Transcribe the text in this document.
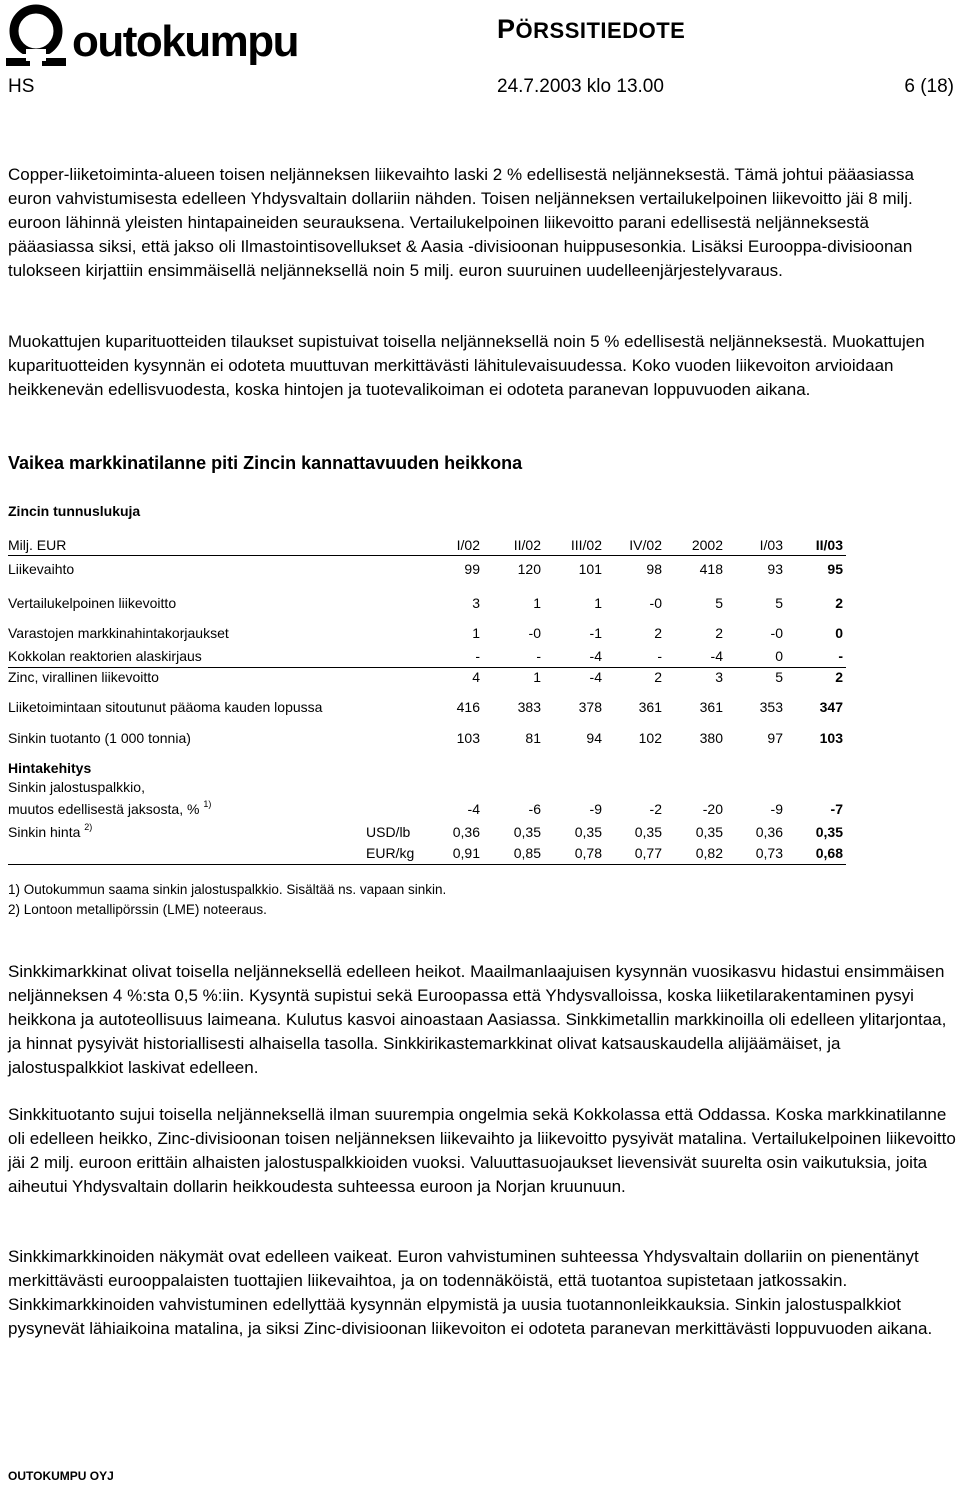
outokumpu	PÖRSSITIEDOTE
HS	24.7.2003 klo 13.00	6 (18)
Copper-liiketoiminta-alueen toisen neljänneksen liikevaihto laski 2 % edellisestä neljänneksestä. Tämä johtui pääasiassa euron vahvistumisesta edelleen Yhdysvaltain dollariin nähden. Toisen neljänneksen vertailukelpoinen liikevoitto jäi 8 milj. euroon lähinnä yleisten hintapaineiden seurauksena. Vertailukelpoinen liikevoitto parani edellisestä neljänneksestä pääasiassa siksi, että jakso oli Ilmastointisovellukset & Aasia -divisioonan huippusesonkia. Lisäksi Eurooppa-divisioonan tulokseen kirjattiin ensimmäisellä neljänneksellä noin 5 milj. euron suuruinen uudelleenjärjestelyvaraus.
Muokattujen kuparituotteiden tilaukset supistuivat toisella neljänneksellä noin 5 % edellisestä neljänneksestä. Muokattujen kuparituotteiden kysynnän ei odoteta muuttuvan merkittävästi lähitulevaisuudessa. Koko vuoden liikevoiton arvioidaan heikkenevän edellisvuodesta, koska hintojen ja tuotevalikoiman ei odoteta paranevan loppuvuoden aikana.
Vaikea markkinatilanne piti Zincin kannattavuuden heikkona
Zincin tunnuslukuja
Milj. EUR	I/02	II/02	III/02	IV/02	2002	I/03	II/03
Liikevaihto	99	120	101	98	418	93	95
Vertailukelpoinen liikevoitto	3	1	1	-0	5	5	2
Varastojen markkinahintakorjaukset	1	-0	-1	2	2	-0	0
Kokkolan reaktorien alaskirjaus	-	-	-4	-	-4	0	-
Zinc, virallinen liikevoitto	4	1	-4	2	3	5	2
Liiketoimintaan sitoutunut pääoma kauden lopussa	416	383	378	361	361	353	347
Sinkin tuotanto (1 000 tonnia)	103	81	94	102	380	97	103
Hintakehitys
Sinkin jalostuspalkkio,
muutos edellisestä jaksosta, % $^{1)}$	-4	-6	-9	-2	-20	-9	-7
Sinkin hinta $^{2)}$	USD/lb	0,36	0,35	0,35	0,35	0,35	0,36	0,35
EUR/kg	0,91	0,85	0,78	0,77	0,82	0,73	0,68
1) Outokummun saama sinkin jalostuspalkkio. Sisältää ns. vapaan sinkin.
2) Lontoon metallipörssin (LME) noteeraus.
Sinkkimarkkinat olivat toisella neljänneksellä edelleen heikot. Maailmanlaajuisen kysynnän vuosikasvu hidastui ensimmäisen neljänneksen 4 %:sta 0,5 %:iin. Kysyntä supistui sekä Euroopassa että Yhdysvalloissa, koska liiketilarakentaminen pysyi heikkona ja autoteollisuus laimeana. Kulutus kasvoi ainoastaan Aasiassa. Sinkkimetallin markkinoilla oli edelleen ylitarjontaa, ja hinnat pysyivät historiallisesti alhaisella tasolla. Sinkkirikastemarkkinat olivat katsauskaudella alijäämäiset, ja jalostuspalkkiot laskivat edelleen.
Sinkkituotanto sujui toisella neljänneksellä ilman suurempia ongelmia sekä Kokkolassa että Oddassa. Koska markkinatilanne oli edelleen heikko, Zinc-divisioonan toisen neljänneksen liikevaihto ja liikevoitto pysyivät matalina. Vertailukelpoinen liikevoitto jäi 2 milj. euroon erittäin alhaisten jalostuspalkkioiden vuoksi. Valuuttasuojaukset lievensivät suurelta osin vaikutuksia, joita aiheutui Yhdysvaltain dollarin heikkoudesta suhteessa euroon ja Norjan kruunuun.
Sinkkimarkkinoiden näkymät ovat edelleen vaikeat. Euron vahvistuminen suhteessa Yhdysvaltain dollariin on pienentänyt merkittävästi eurooppalaisten tuottajien liikevaihtoa, ja on todennäköistä, että tuotantoa supistetaan jatkossakin. Sinkkimarkkinoiden vahvistuminen edellyttää kysynnän elpymistä ja uusia tuotannonleikkauksia. Sinkin jalostuspalkkiot pysynevät lähiaikoina matalina, ja siksi Zinc-divisioonan liikevoiton ei odoteta paranevan merkittävästi loppuvuoden aikana.
OUTOKUMPU OYJ
